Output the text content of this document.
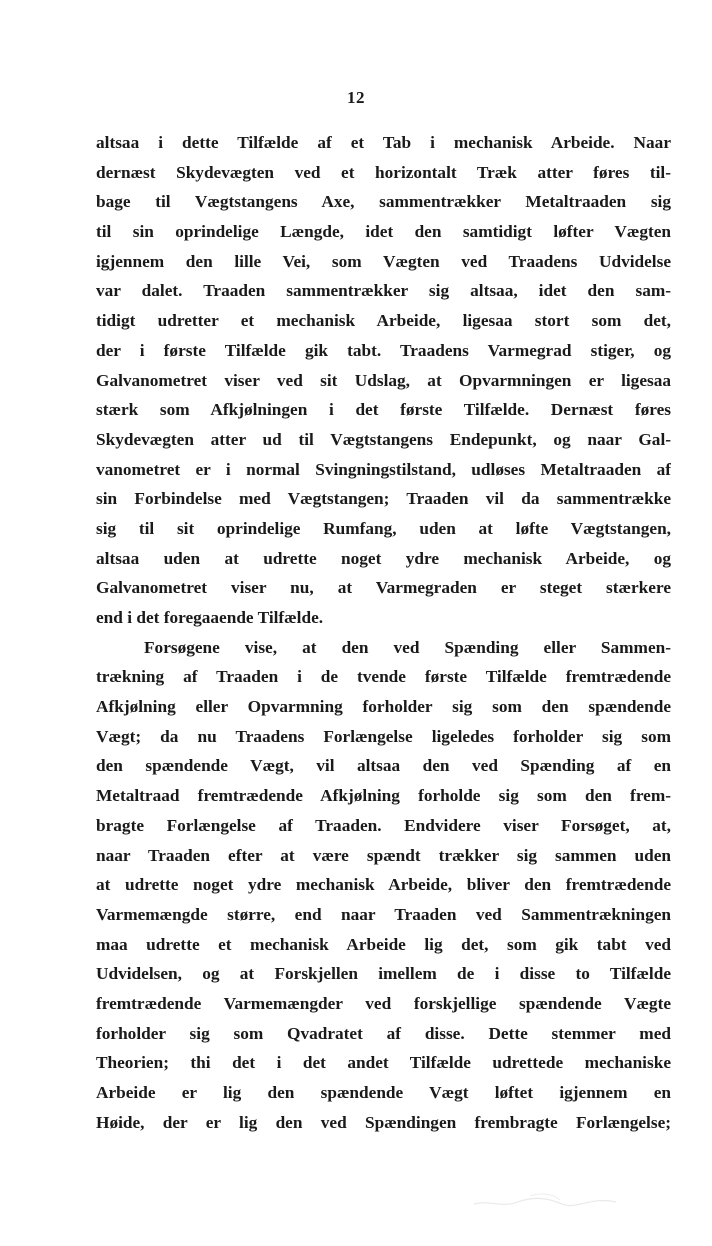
12
altsaa i dette Tilfælde af et Tab i mechanisk Arbeide. Naar
dernæst Skydevægten ved et horizontalt Træk atter føres til-
bage til Vægtstangens Axe, sammentrækker Metaltraaden sig
til sin oprindelige Længde, idet den samtidigt løfter Vægten
igjennem den lille Vei, som Vægten ved Traadens Udvidelse
var dalet. Traaden sammentrækker sig altsaa, idet den sam-
tidigt udretter et mechanisk Arbeide, ligesaa stort som det,
der i første Tilfælde gik tabt. Traadens Varmegrad stiger, og
Galvanometret viser ved sit Udslag, at Opvarmningen er ligesaa
stærk som Afkjølningen i det første Tilfælde. Dernæst føres
Skydevægten atter ud til Vægtstangens Endepunkt, og naar Gal-
vanometret er i normal Svingningstilstand, udløses Metaltraaden af
sin Forbindelse med Vægtstangen; Traaden vil da sammentrække
sig til sit oprindelige Rumfang, uden at løfte Vægtstangen,
altsaa uden at udrette noget ydre mechanisk Arbeide, og
Galvanometret viser nu, at Varmegraden er steget stærkere
end i det foregaaende Tilfælde.
Forsøgene vise, at den ved Spænding eller Sammen-
trækning af Traaden i de tvende første Tilfælde fremtrædende
Afkjølning eller Opvarmning forholder sig som den spændende
Vægt; da nu Traadens Forlængelse ligeledes forholder sig som
den spændende Vægt, vil altsaa den ved Spænding af en
Metaltraad fremtrædende Afkjølning forholde sig som den frem-
bragte Forlængelse af Traaden. Endvidere viser Forsøget, at,
naar Traaden efter at være spændt trækker sig sammen uden
at udrette noget ydre mechanisk Arbeide, bliver den fremtrædende
Varmemængde større, end naar Traaden ved Sammentrækningen
maa udrette et mechanisk Arbeide lig det, som gik tabt ved
Udvidelsen, og at Forskjellen imellem de i disse to Tilfælde
fremtrædende Varmemængder ved forskjellige spændende Vægte
forholder sig som Qvadratet af disse. Dette stemmer med
Theorien; thi det i det andet Tilfælde udrettede mechaniske
Arbeide er lig den spændende Vægt løftet igjennem en
Høide, der er lig den ved Spændingen frembragte Forlængelse;
